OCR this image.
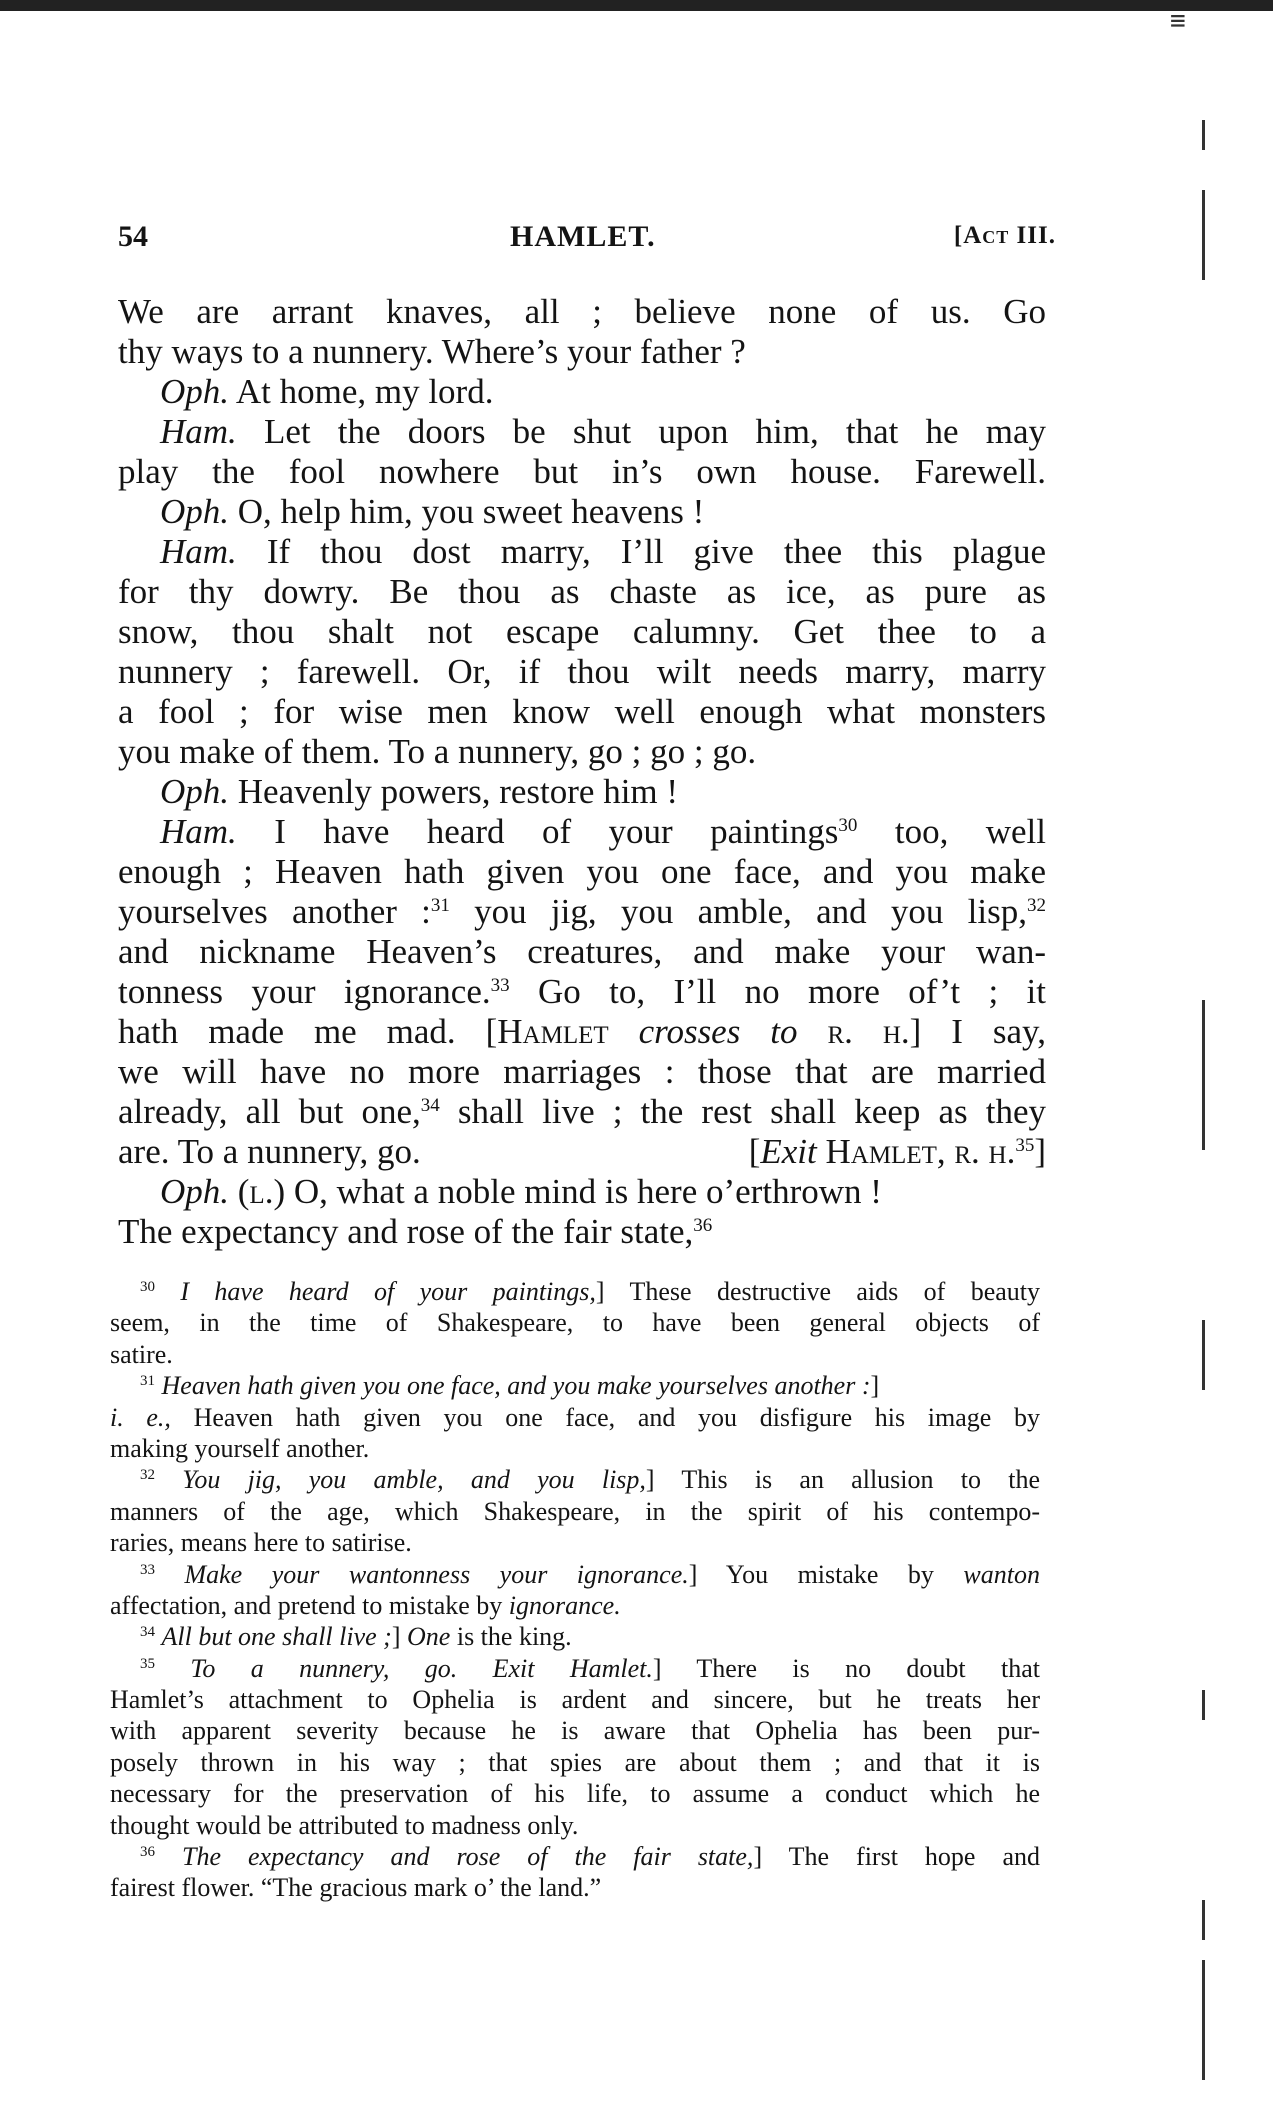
≡
54	HAMLET.	[Act III.
We are arrant knaves, all ; believe none of us. Go
thy ways to a nunnery. Where’s your father ?
Oph. At home, my lord.
Ham. Let the doors be shut upon him, that he may
play the fool nowhere but in’s own house. Farewell.
Oph. O, help him, you sweet heavens !
Ham. If thou dost marry, I’ll give thee this plague
for thy dowry. Be thou as chaste as ice, as pure as
snow, thou shalt not escape calumny. Get thee to a
nunnery ; farewell. Or, if thou wilt needs marry, marry
a fool ; for wise men know well enough what monsters
you make of them. To a nunnery, go ; go ; go.
Oph. Heavenly powers, restore him !
Ham. I have heard of your paintings$^{30}$ too, well
enough ; Heaven hath given you one face, and you make
yourselves another :$^{31}$ you jig, you amble, and you lisp,$^{32}$
and nickname Heaven’s creatures, and make your wan-
tonness your ignorance.$^{33}$ Go to, I’ll no more of’t ; it
hath made me mad. [Hamlet crosses to r. h.] I say,
we will have no more marriages : those that are married
already, all but one,$^{34}$ shall live ; the rest shall keep as they
are. To a nunnery, go.	[Exit Hamlet, r. h.$^{35}$]
Oph. (l.) O, what a noble mind is here o’erthrown !
The expectancy and rose of the fair state,$^{36}$
$^{30}$ I have heard of your paintings,] These destructive aids of beauty
seem, in the time of Shakespeare, to have been general objects of
satire.
$^{31}$ Heaven hath given you one face, and you make yourselves another :]
i. e., Heaven hath given you one face, and you disfigure his image by
making yourself another.
$^{32}$ You jig, you amble, and you lisp,] This is an allusion to the
manners of the age, which Shakespeare, in the spirit of his contempo-
raries, means here to satirise.
$^{33}$ Make your wantonness your ignorance.] You mistake by wanton
affectation, and pretend to mistake by ignorance.
$^{34}$ All but one shall live ;] One is the king.
$^{35}$ To a nunnery, go. Exit Hamlet.] There is no doubt that
Hamlet’s attachment to Ophelia is ardent and sincere, but he treats her
with apparent severity because he is aware that Ophelia has been pur-
posely thrown in his way ; that spies are about them ; and that it is
necessary for the preservation of his life, to assume a conduct which he
thought would be attributed to madness only.
$^{36}$ The expectancy and rose of the fair state,] The first hope and
fairest flower. “The gracious mark o’ the land.”
